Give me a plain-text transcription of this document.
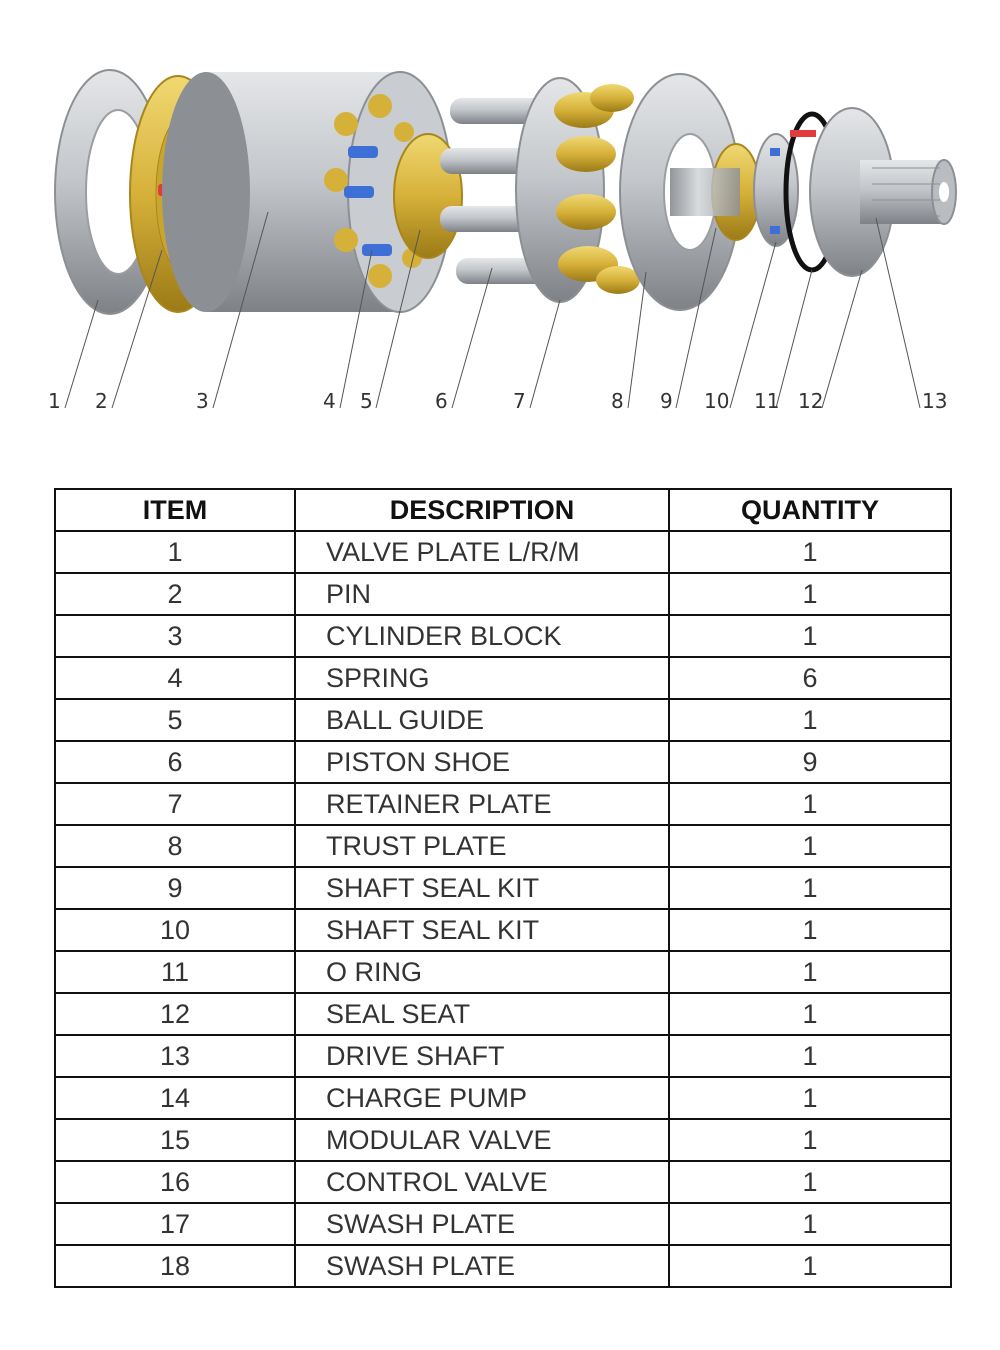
1 2	3	4 5	6	7	8 9 10 11 12	13
ITEM	DESCRIPTION	QUANTITY
1	VALVE PLATE L/R/M	1
2	PIN	1
3	CYLINDER BLOCK	1
4	SPRING	6
5	BALL GUIDE	1
6	PISTON SHOE	9
7	RETAINER PLATE	1
8	TRUST PLATE	1
9	SHAFT SEAL KIT	1
10	SHAFT SEAL KIT	1
11	O RING	1
12	SEAL SEAT	1
13	DRIVE SHAFT	1
14	CHARGE PUMP	1
15	MODULAR VALVE	1
16	CONTROL VALVE	1
17	SWASH PLATE	1
18	SWASH PLATE	1
